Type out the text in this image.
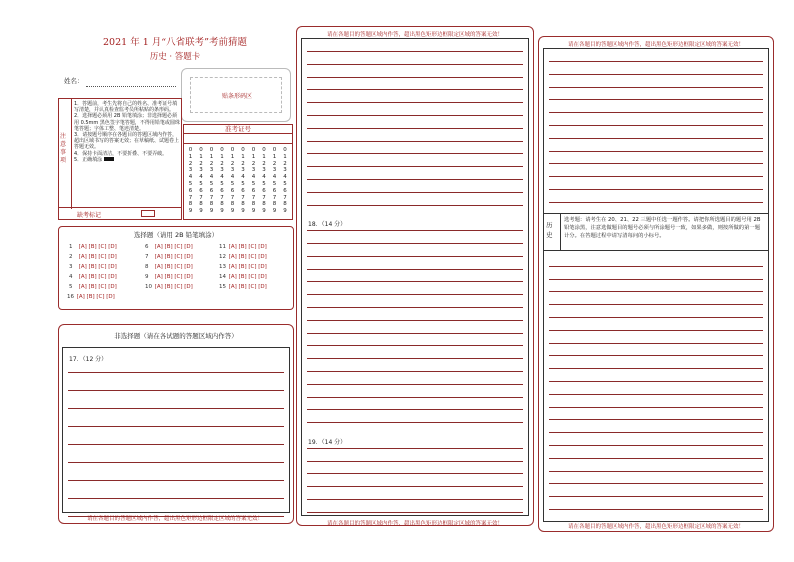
2021 年 1 月“八省联考”考前猜题
历史 · 答题卡
姓名：
贴条形码区
注意事项
1．答题前，考生先将自己的姓名、准考证号填写清楚，并认真检查监考员所粘贴的条形码。
2．选择题必须用 2B 铅笔填涂；非选择题必须用 0.5mm 黑色签字笔答题，不得用铅笔或圆珠笔答题；字体工整、笔迹清楚。
3．请按题号顺序在各题目的答题区域内作答，超出区域书写的答案无效；在草稿纸、试题卷上答题无效。
4．保持卡面清洁，不要折叠、不要弄破。
5．正确填涂
缺考标记
准考证号
0
1
2
3
4
5
6
7
8
9
0
1
2
3
4
5
6
7
8
9
0
1
2
3
4
5
6
7
8
9
0
1
2
3
4
5
6
7
8
9
0
1
2
3
4
5
6
7
8
9
0
1
2
3
4
5
6
7
8
9
0
1
2
3
4
5
6
7
8
9
0
1
2
3
4
5
6
7
8
9
0
1
2
3
4
5
6
7
8
9
0
1
2
3
4
5
6
7
8
9
选择题（请用 2B 铅笔填涂）
1 [A] [B] [C] [D]
2 [A] [B] [C] [D]
3 [A] [B] [C] [D]
4 [A] [B] [C] [D]
5 [A] [B] [C] [D]
6 [A] [B] [C] [D]
7 [A] [B] [C] [D]
8 [A] [B] [C] [D]
9 [A] [B] [C] [D]
10 [A] [B] [C] [D]
11 [A] [B] [C] [D]
12 [A] [B] [C] [D]
13 [A] [B] [C] [D]
14 [A] [B] [C] [D]
15 [A] [B] [C] [D]
16 [A] [B] [C] [D]
非选择题（请在各试题的答题区域内作答）
17．（12 分）
请在各题目的答题区域内作答，超出黑色矩形边框限定区域的答案无效！
请在各题目的答题区域内作答，超出黑色矩形边框限定区域的答案无效！
18．（14 分）
19．（14 分）
请在各题目的答题区域内作答，超出黑色矩形边框限定区域的答案无效！
请在各题目的答题区域内作答，超出黑色矩形边框限定区域的答案无效！
历史
选考题：请考生在 20、21、22 三题中任选一题作答。请把你所选题目的题号用 2B 铅笔涂黑，注意选做题目的题号必须与所涂题号一致，如果多做，则按所做的第一题计分。在答题过程中请写清每问的小标号。
请在各题目的答题区域内作答，超出黑色矩形边框限定区域的答案无效！
